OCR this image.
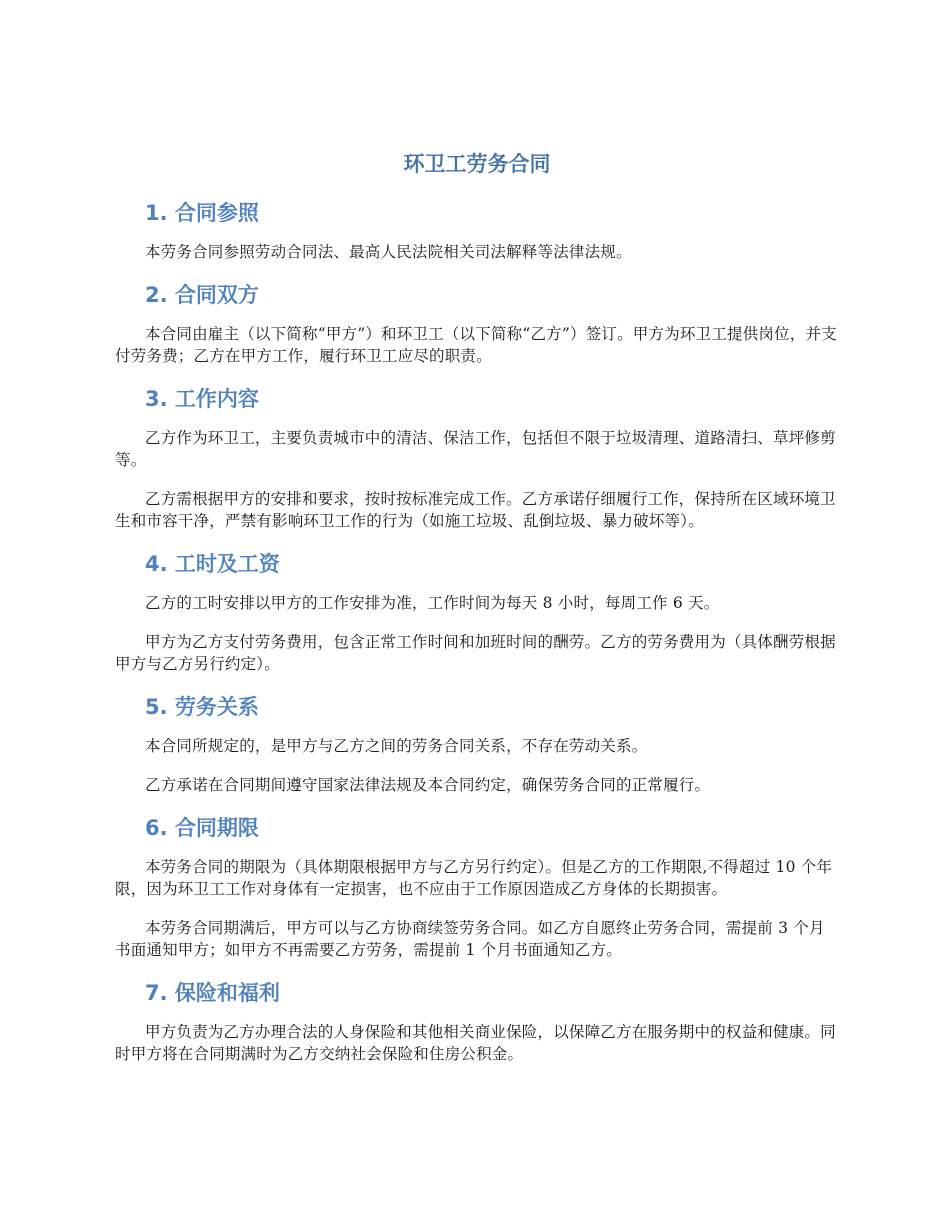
环卫工劳务合同
1. 合同参照

本劳务合同参照劳动合同法、最高人民法院相关司法解释等法律法规。

2. 合同双方

本合同由雇主（以下简称“甲方”）和环卫工（以下简称“乙方”）签订。甲方为环卫工提供岗位，并支付劳务费；乙方在甲方工作，履行环卫工应尽的职责。

3. 工作内容

乙方作为环卫工，主要负责城市中的清洁、保洁工作，包括但不限于垃圾清理、道路清扫、草坪修剪等。

乙方需根据甲方的安排和要求，按时按标准完成工作。乙方承诺仔细履行工作，保持所在区域环境卫生和市容干净，严禁有影响环卫工作的行为（如施工垃圾、乱倒垃圾、暴力破坏等）。

4. 工时及工资

乙方的工时安排以甲方的工作安排为准，工作时间为每天 8 小时，每周工作 6 天。

甲方为乙方支付劳务费用，包含正常工作时间和加班时间的酬劳。乙方的劳务费用为（具体酬劳根据甲方与乙方另行约定）。

5. 劳务关系

本合同所规定的，是甲方与乙方之间的劳务合同关系，不存在劳动关系。

乙方承诺在合同期间遵守国家法律法规及本合同约定，确保劳务合同的正常履行。

6. 合同期限

本劳务合同的期限为（具体期限根据甲方与乙方另行约定）。但是乙方的工作期限,不得超过 10 个年限，因为环卫工工作对身体有一定损害，也不应由于工作原因造成乙方身体的长期损害。

本劳务合同期满后，甲方可以与乙方协商续签劳务合同。如乙方自愿终止劳务合同，需提前 3 个月书面通知甲方；如甲方不再需要乙方劳务，需提前 1 个月书面通知乙方。

7. 保险和福利

甲方负责为乙方办理合法的人身保险和其他相关商业保险，以保障乙方在服务期中的权益和健康。同时甲方将在合同期满时为乙方交纳社会保险和住房公积金。
